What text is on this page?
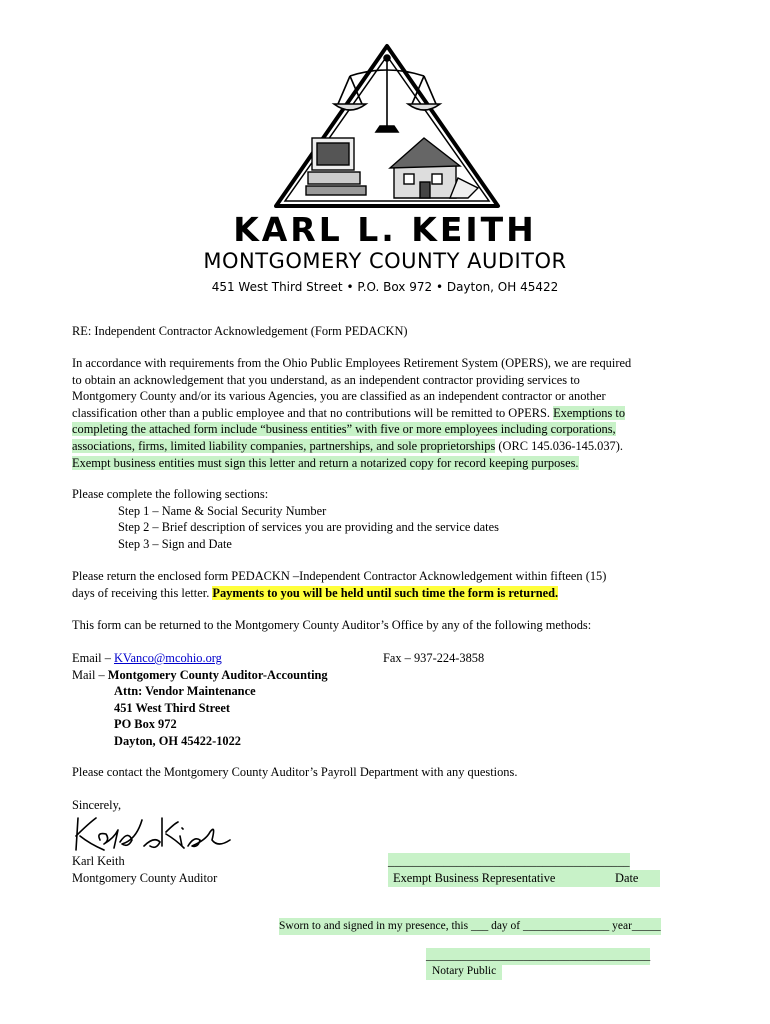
KARL L. KEITH
MONTGOMERY COUNTY AUDITOR
451 West Third Street • P.O. Box 972 • Dayton, OH 45422
RE: Independent Contractor Acknowledgement (Form PEDACKN)
In accordance with requirements from the Ohio Public Employees Retirement System (OPERS), we are required
to obtain an acknowledgement that you understand, as an independent contractor providing services to
Montgomery County and/or its various Agencies, you are classified as an independent contractor or another
classification other than a public employee and that no contributions will be remitted to OPERS. Exemptions to
completing the attached form include “business entities” with five or more employees including corporations,
associations, firms, limited liability companies, partnerships, and sole proprietorships (ORC 145.036-145.037).
Exempt business entities must sign this letter and return a notarized copy for record keeping purposes.
Please complete the following sections:
Step 1 – Name & Social Security Number
Step 2 – Brief description of services you are providing and the service dates
Step 3 – Sign and Date
Please return the enclosed form PEDACKN –Independent Contractor Acknowledgement within fifteen (15)
days of receiving this letter. Payments to you will be held until such time the form is returned.
This form can be returned to the Montgomery County Auditor’s Office by any of the following methods:
Email – KVanco@mcohio.org
Mail – Montgomery County Auditor-Accounting
Attn: Vendor Maintenance
451 West Third Street
PO Box 972
Dayton, OH 45422-1022
Fax – 937-224-3858
Please contact the Montgomery County Auditor’s Payroll Department with any questions.
Sincerely,
Karl Keith
Montgomery County Auditor
_______________________________________
Exempt Business Representative	Date
Sworn to and signed in my presence, this ___ day of _______________ year_____
_______________________________________
Notary Public
